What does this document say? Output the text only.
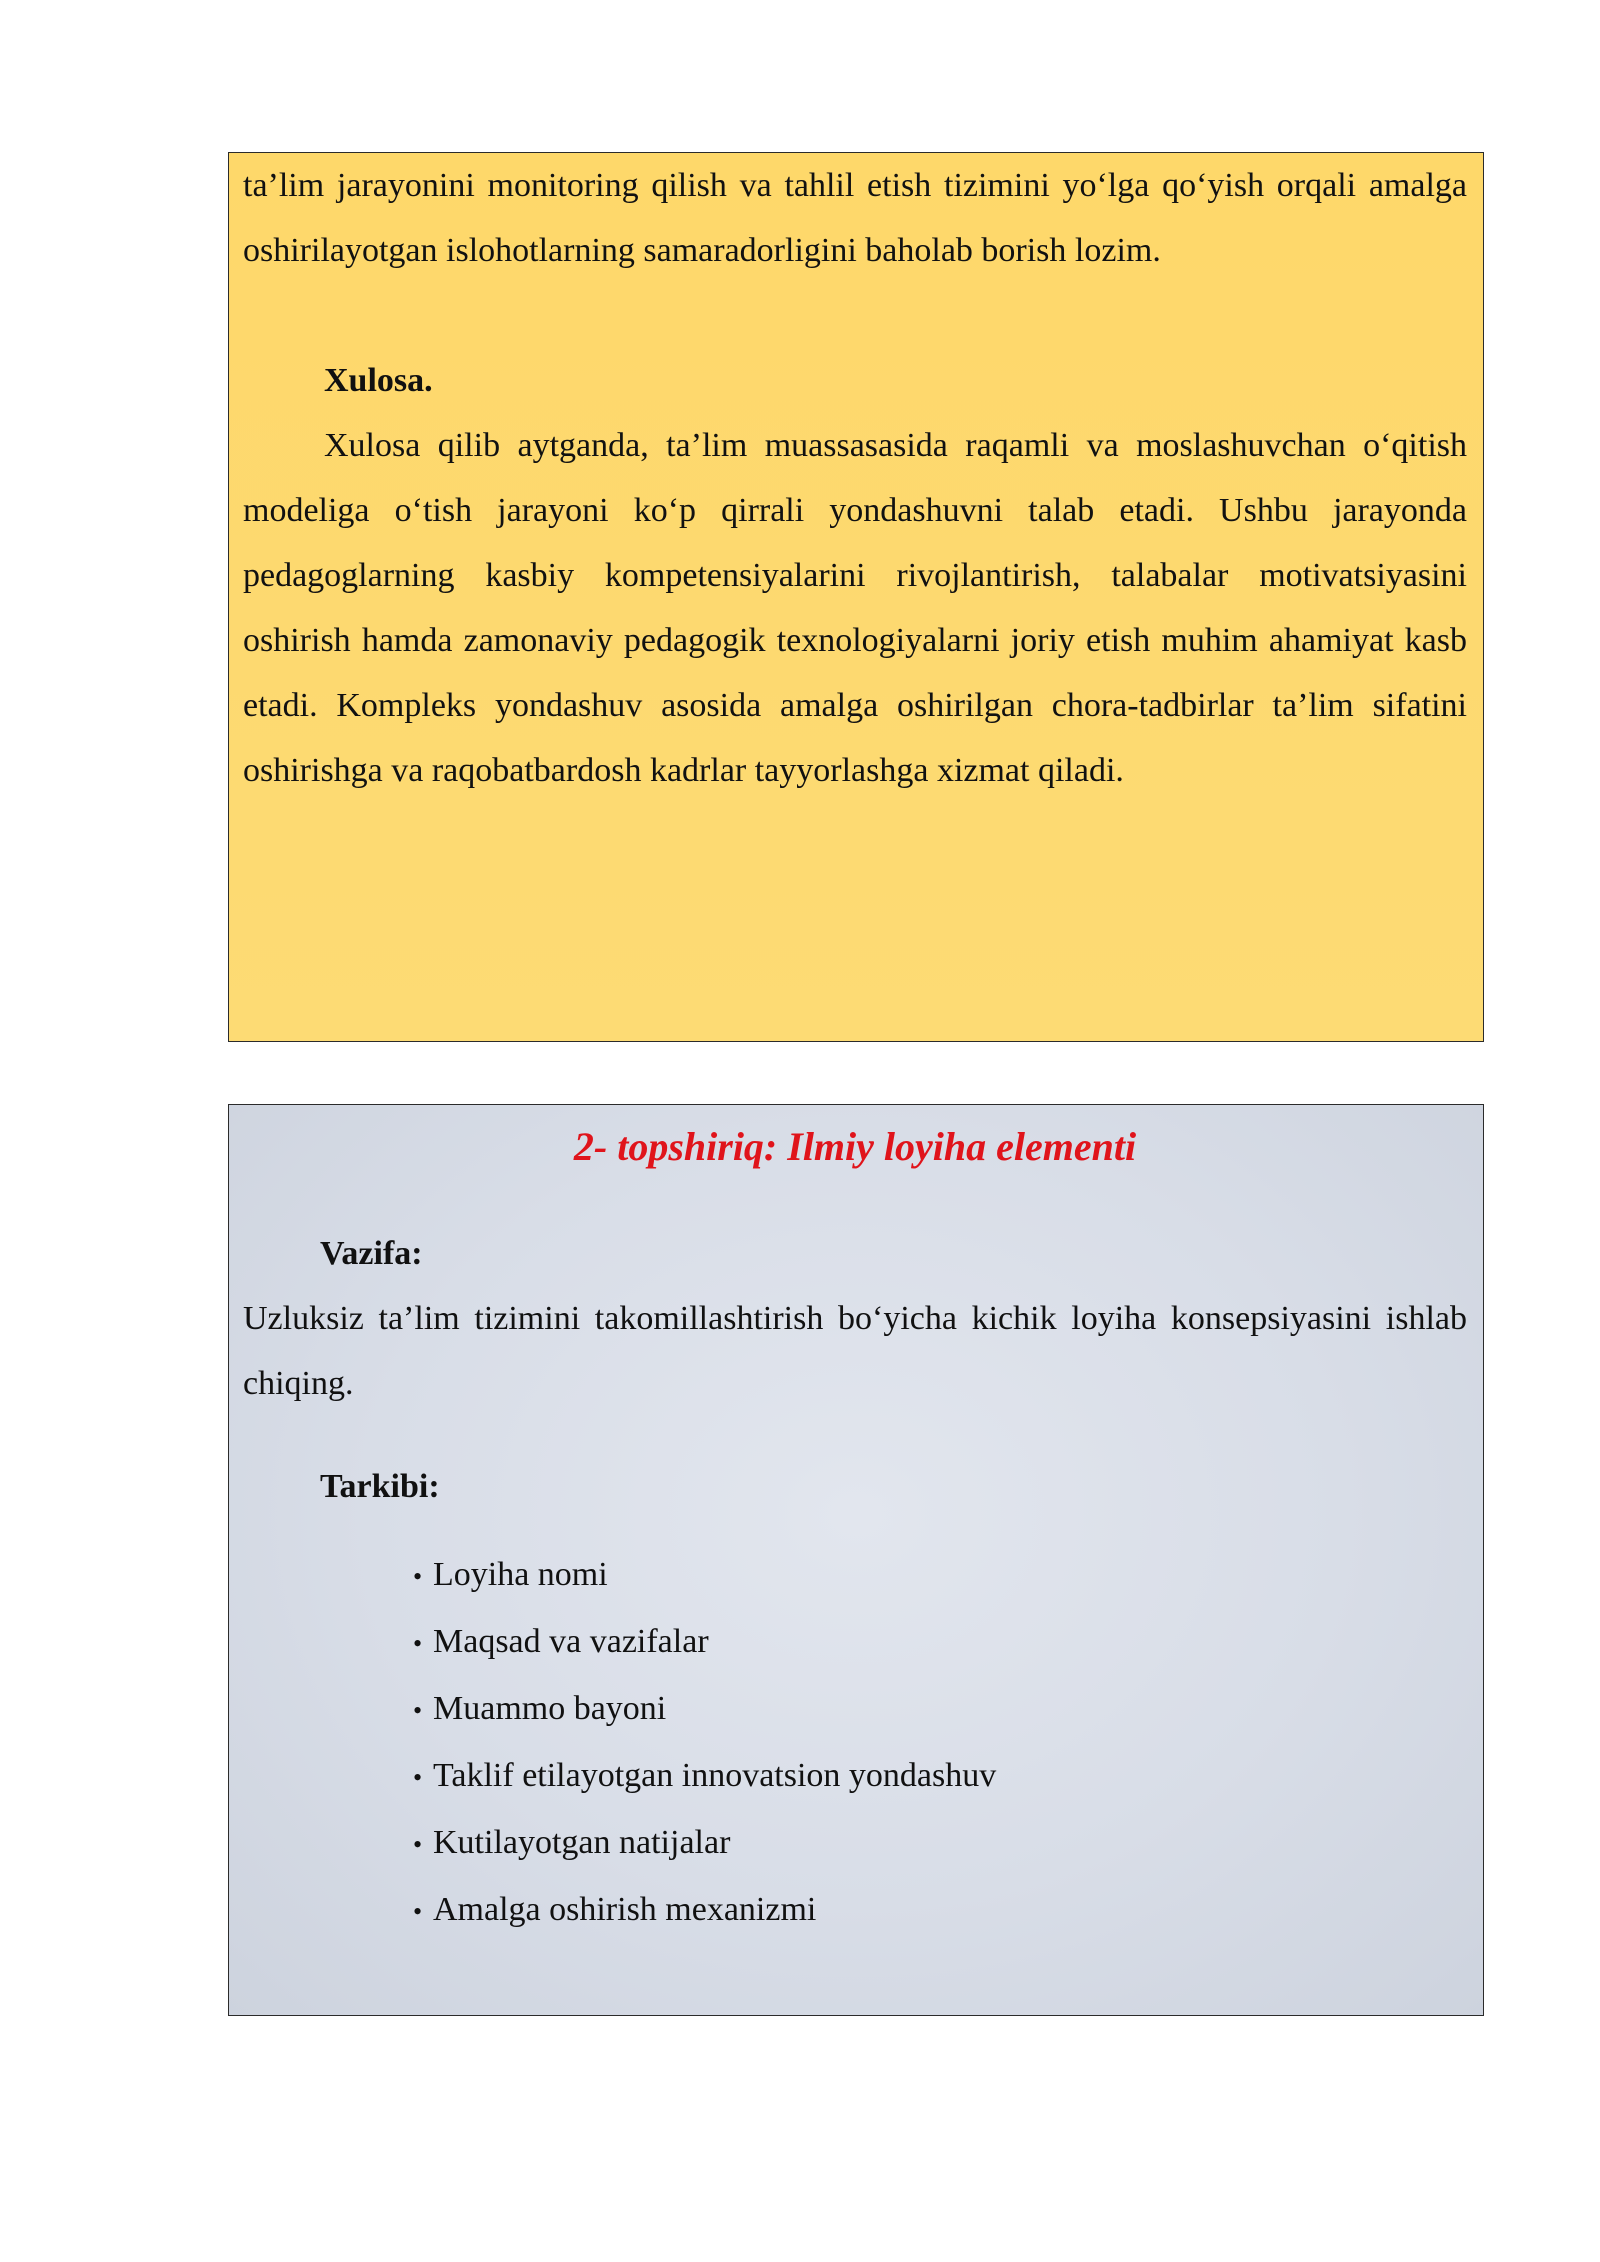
ta’lim jarayonini monitoring qilish va tahlil etish tizimini yo‘lga qo‘yish orqali amalga oshirilayotgan islohotlarning samaradorligini baholab borish lozim.

Xulosa.

Xulosa qilib aytganda, ta’lim muassasasida raqamli va moslashuvchan o‘qitish modeliga o‘tish jarayoni ko‘p qirrali yondashuvni talab etadi. Ushbu jarayonda pedagoglarning kasbiy kompetensiyalarini rivojlantirish, talabalar motivatsiyasini oshirish hamda zamonaviy pedagogik texnologiyalarni joriy etish muhim ahamiyat kasb etadi. Kompleks yondashuv asosida amalga oshirilgan chora-tadbirlar ta’lim sifatini oshirishga va raqobatbardosh kadrlar tayyorlashga xizmat qiladi.

2- topshiriq: Ilmiy loyiha elementi
Vazifa:

Uzluksiz ta’lim tizimini takomillashtirish bo‘yicha kichik loyiha konsepsiyasini ishlab chiqing.

Tarkibi:
• Loyiha nomi
• Maqsad va vazifalar
• Muammo bayoni
• Taklif etilayotgan innovatsion yondashuv
• Kutilayotgan natijalar
• Amalga oshirish mexanizmi
